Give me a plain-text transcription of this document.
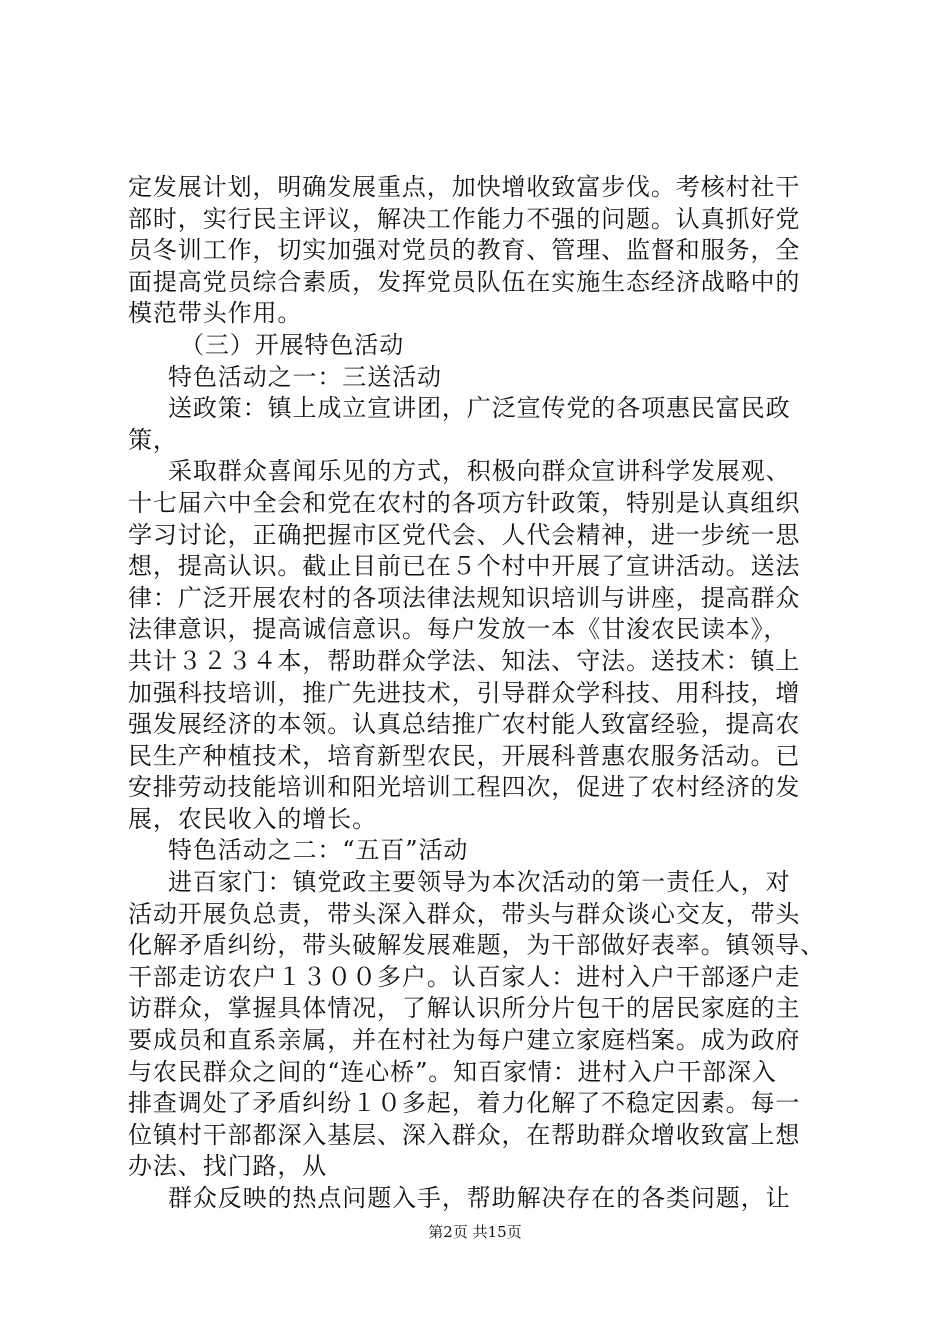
定发展计划，明确发展重点，加快增收致富步伐。考核村社干
部时，实行民主评议，解决工作能力不强的问题。认真抓好党
员冬训工作，切实加强对党员的教育、管理、监督和服务，全
面提高党员综合素质，发挥党员队伍在实施生态经济战略中的
模范带头作用。
（三）开展特色活动
特色活动之一：三送活动
送政策：镇上成立宣讲团，广泛宣传党的各项惠民富民政
策，
采取群众喜闻乐见的方式，积极向群众宣讲科学发展观、
十七届六中全会和党在农村的各项方针政策，特别是认真组织
学习讨论，正确把握市区党代会、人代会精神，进一步统一思
想，提高认识。截止目前已在５个村中开展了宣讲活动。送法
律：广泛开展农村的各项法律法规知识培训与讲座，提高群众
法律意识，提高诚信意识。每户发放一本《甘浚农民读本》，
共计３２３４本，帮助群众学法、知法、守法。送技术：镇上
加强科技培训，推广先进技术，引导群众学科技、用科技，增
强发展经济的本领。认真总结推广农村能人致富经验，提高农
民生产种植技术，培育新型农民，开展科普惠农服务活动。已
安排劳动技能培训和阳光培训工程四次，促进了农村经济的发
展，农民收入的增长。
特色活动之二：“五百”活动
进百家门：镇党政主要领导为本次活动的第一责任人，对
活动开展负总责，带头深入群众，带头与群众谈心交友，带头
化解矛盾纠纷，带头破解发展难题，为干部做好表率。镇领导、
干部走访农户１３００多户。认百家人：进村入户干部逐户走
访群众，掌握具体情况，了解认识所分片包干的居民家庭的主
要成员和直系亲属，并在村社为每户建立家庭档案。成为政府
与农民群众之间的“连心桥”。知百家情：进村入户干部深入
排查调处了矛盾纠纷１０多起，着力化解了不稳定因素。每一
位镇村干部都深入基层、深入群众，在帮助群众增收致富上想
办法、找门路，从
群众反映的热点问题入手，帮助解决存在的各类问题，让
第2页 共15页
